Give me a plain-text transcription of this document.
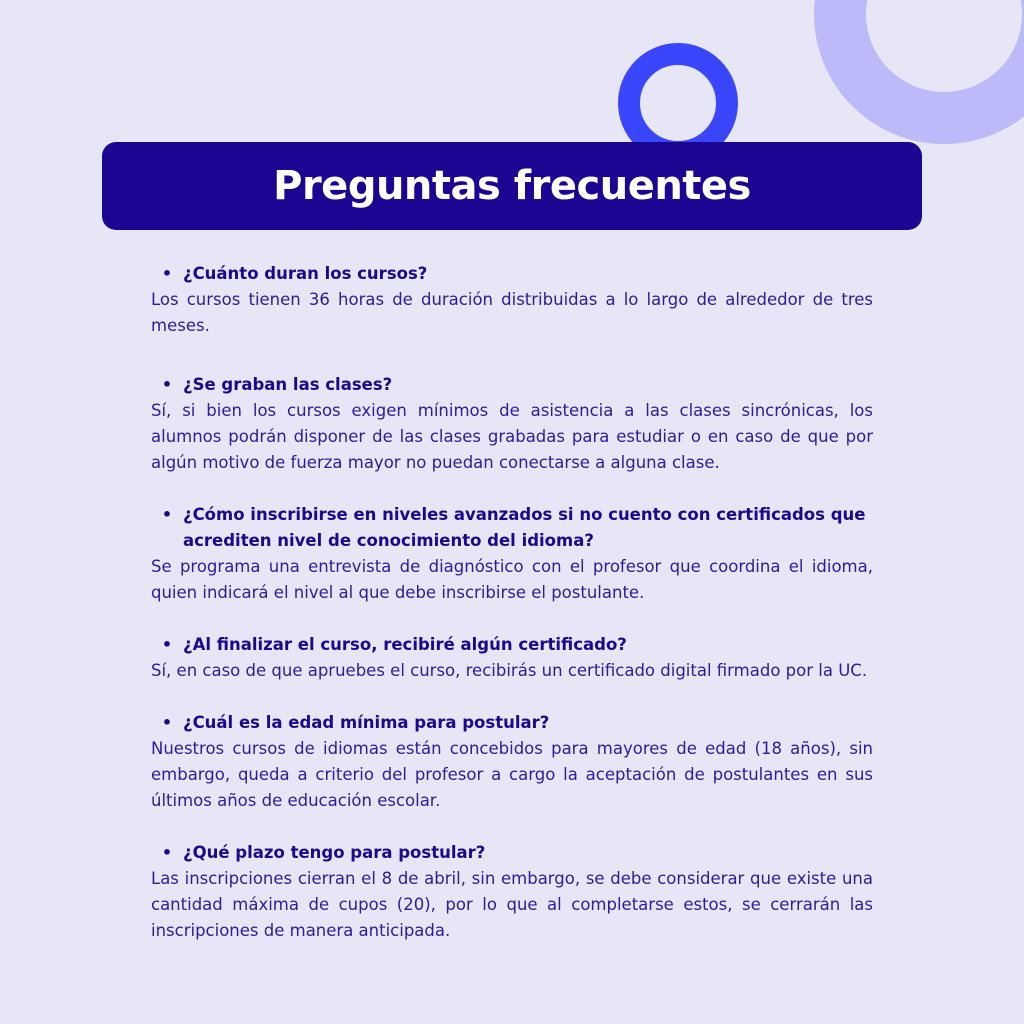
Preguntas frecuentes
• ¿Cuánto duran los cursos?

Los cursos tienen 36 horas de duración distribuidas a lo largo de alrededor de tres meses.

• ¿Se graban las clases?

Sí, si bien los cursos exigen mínimos de asistencia a las clases sincrónicas, los alumnos podrán disponer de las clases grabadas para estudiar o en caso de que por algún motivo de fuerza mayor no puedan conectarse a alguna clase.

• ¿Cómo inscribirse en niveles avanzados si no cuento con certificados que acrediten nivel de conocimiento del idioma?

Se programa una entrevista de diagnóstico con el profesor que coordina el idioma, quien indicará el nivel al que debe inscribirse el postulante.

• ¿Al finalizar el curso, recibiré algún certificado?

Sí, en caso de que apruebes el curso, recibirás un certificado digital firmado por la UC.

• ¿Cuál es la edad mínima para postular?

Nuestros cursos de idiomas están concebidos para mayores de edad (18 años), sin embargo, queda a criterio del profesor a cargo la aceptación de postulantes en sus últimos años de educación escolar.

• ¿Qué plazo tengo para postular?

Las inscripciones cierran el 8 de abril, sin embargo, se debe considerar que existe una cantidad máxima de cupos (20), por lo que al completarse estos, se cerrarán las inscripciones de manera anticipada.
